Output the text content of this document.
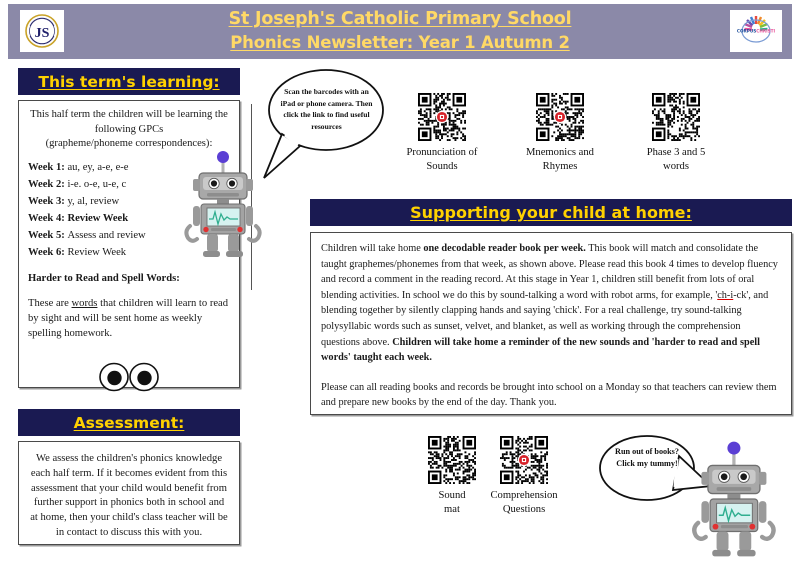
JS
St Joseph's Catholic Primary School
Phonics Newsletter: Year 1 Autumn 2
CORPUSCHRISTI
This term's learning:
This half term the children will be learning the
following GPCs
(grapheme/phoneme correspondences):
Week 1: au, ey, a-e, e-e
Week 2: i-e. o-e, u-e, c
Week 3: y, al, review
Week 4: Review Week
Week 5: Assess and review
Week 6: Review Week
Harder to Read and Spell Words:
These are words that children will learn to read by sight and will be sent home as weekly spelling homework.
Assessment:
We assess the children's phonics knowledge each half term. If it becomes evident from this assessment that your child would benefit from further support in phonics both in school and at home, then your child's class teacher will be in contact to discuss this with you.
Scan the barcodes with an iPad or phone camera. Then click the link to find useful resources
Pronunciation of
Sounds
Mnemonics and
Rhymes
Phase 3 and 5
words
Supporting your child at home:

Children will take home one decodable reader book per week. This book will match and consolidate the taught graphemes/phonemes from that week, as shown above. Please read this book 4 times to develop fluency and record a comment in the reading record. At this stage in Year 1, children still benefit from lots of oral blending activities. In school we do this by sound-talking a word with robot arms, for example, 'ch-i-ck', and blending together by silently clapping hands and saying 'chick'. For a real challenge, try sound-talking polysyllabic words such as sunset, velvet, and blanket, as well as working through the comprehension questions above. Children will take home a reminder of the new sounds and 'harder to read and spell words' taught each week.

Please can all reading books and records be brought into school on a Monday so that teachers can review them and prepare new books by the end of the day. Thank you.

Sound
mat
Comprehension
Questions
Run out of books? Click my tummy!
